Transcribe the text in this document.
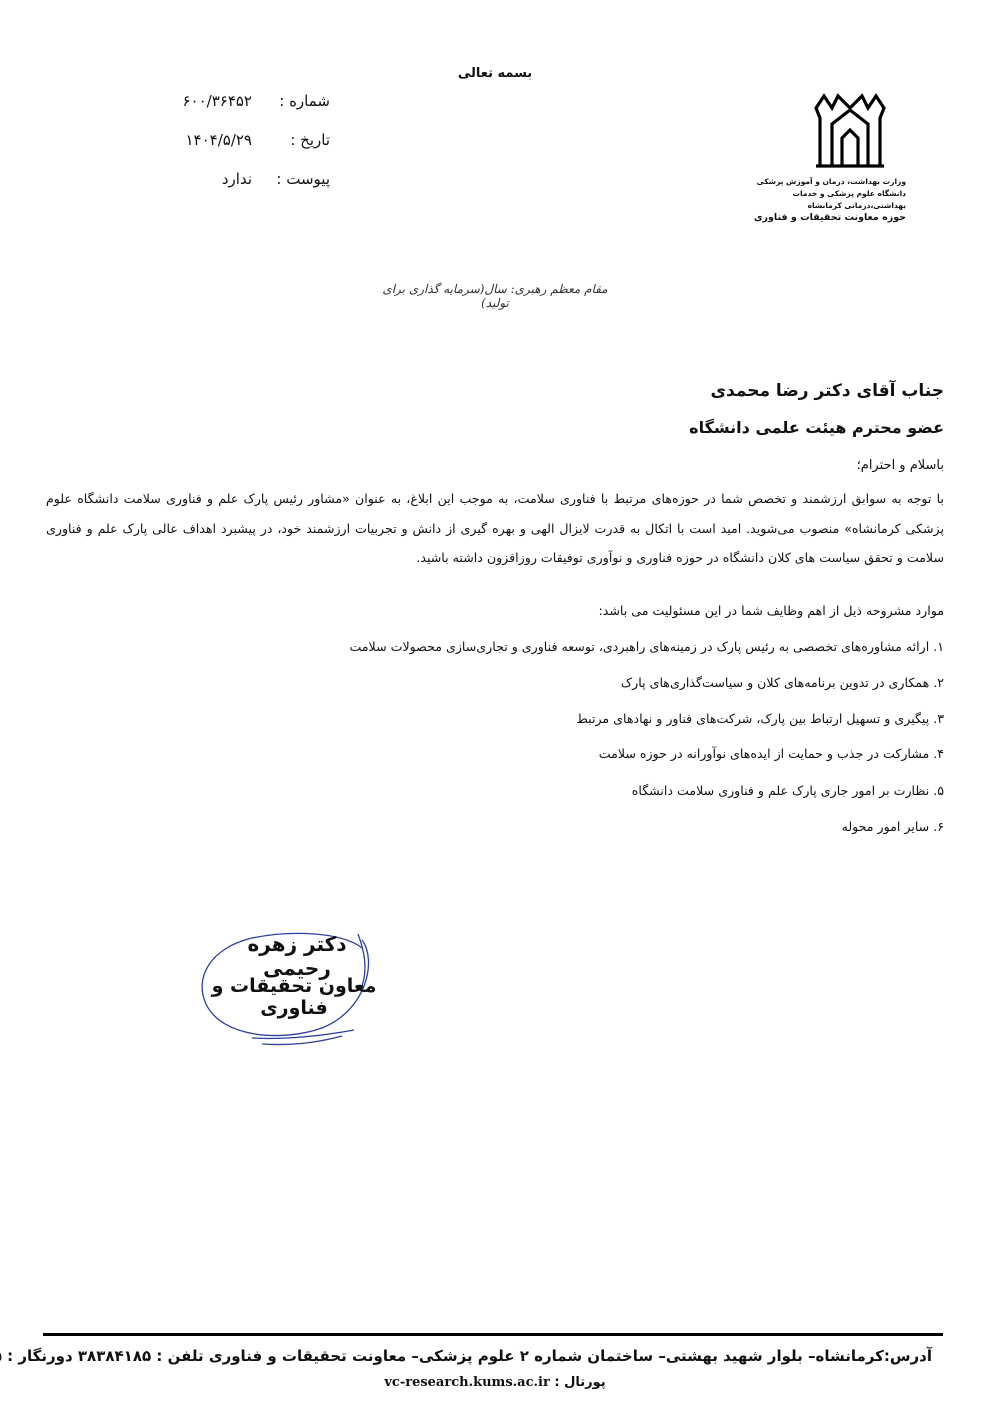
بسمه تعالی
شماره :
۶۰۰/۳۶۴۵۲
تاریخ :
۱۴۰۴/۵/۲۹
پیوست :
ندارد	وزارت بهداشت، درمان و آموزش پزشکی
دانشگاه علوم پزشکی و خدمات بهداشتی،درمانی کرمانشاه
حوزه معاونت تحقیقات و فناوری
مقام معظم رهبری: سال(سرمایه گذاری برای تولید)
جناب آقای دکتر رضا محمدی
عضو محترم هیئت علمی دانشگاه
باسلام و احترام؛
با توجه به سوابق ارزشمند و تخصص شما در حوزه‌های مرتبط با فناوری سلامت، به موجب این ابلاغ، به عنوان «مشاور رئیس پارک علم و فناوری سلامت دانشگاه علوم پزشکی کرمانشاه» منصوب می‌شوید. امید است با اتکال به قدرت لایزال الهی و بهره گیری از دانش و تجربیات ارزشمند خود، در پیشبرد اهداف عالی پارک علم و فناوری سلامت و تحقق سیاست های کلان دانشگاه در حوزه فناوری و نوآوری توفیقات روزافزون داشته باشید.
موارد مشروحه ذیل از اهم وظایف شما در این مسئولیت می باشد:
۱. ارائه مشاوره‌های تخصصی به رئیس پارک در زمینه‌های راهبردی، توسعه فناوری و تجاری‌سازی محصولات سلامت
۲. همکاری در تدوین برنامه‌های کلان و سیاست‌گذاری‌های پارک
۳. پیگیری و تسهیل ارتباط بین پارک، شرکت‌های فناور و نهادهای مرتبط
۴. مشارکت در جذب و حمایت از ایده‌های نوآورانه در حوزه سلامت
۵. نظارت بر امور جاری پارک علم و فناوری سلامت دانشگاه
۶. سایر امور محوله
دکتر زهره رحیمی
معاون تحقیقات و فناوری
آدرس:کرمانشاه– بلوار شهید بهشتی– ساختمان شماره ۲ علوم پزشکی– معاونت تحقیقات و فناوری تلفن : ۳۸۳۸۴۱۸۵ دورنگار :
پورتال : vc-research.kums.ac.ir
